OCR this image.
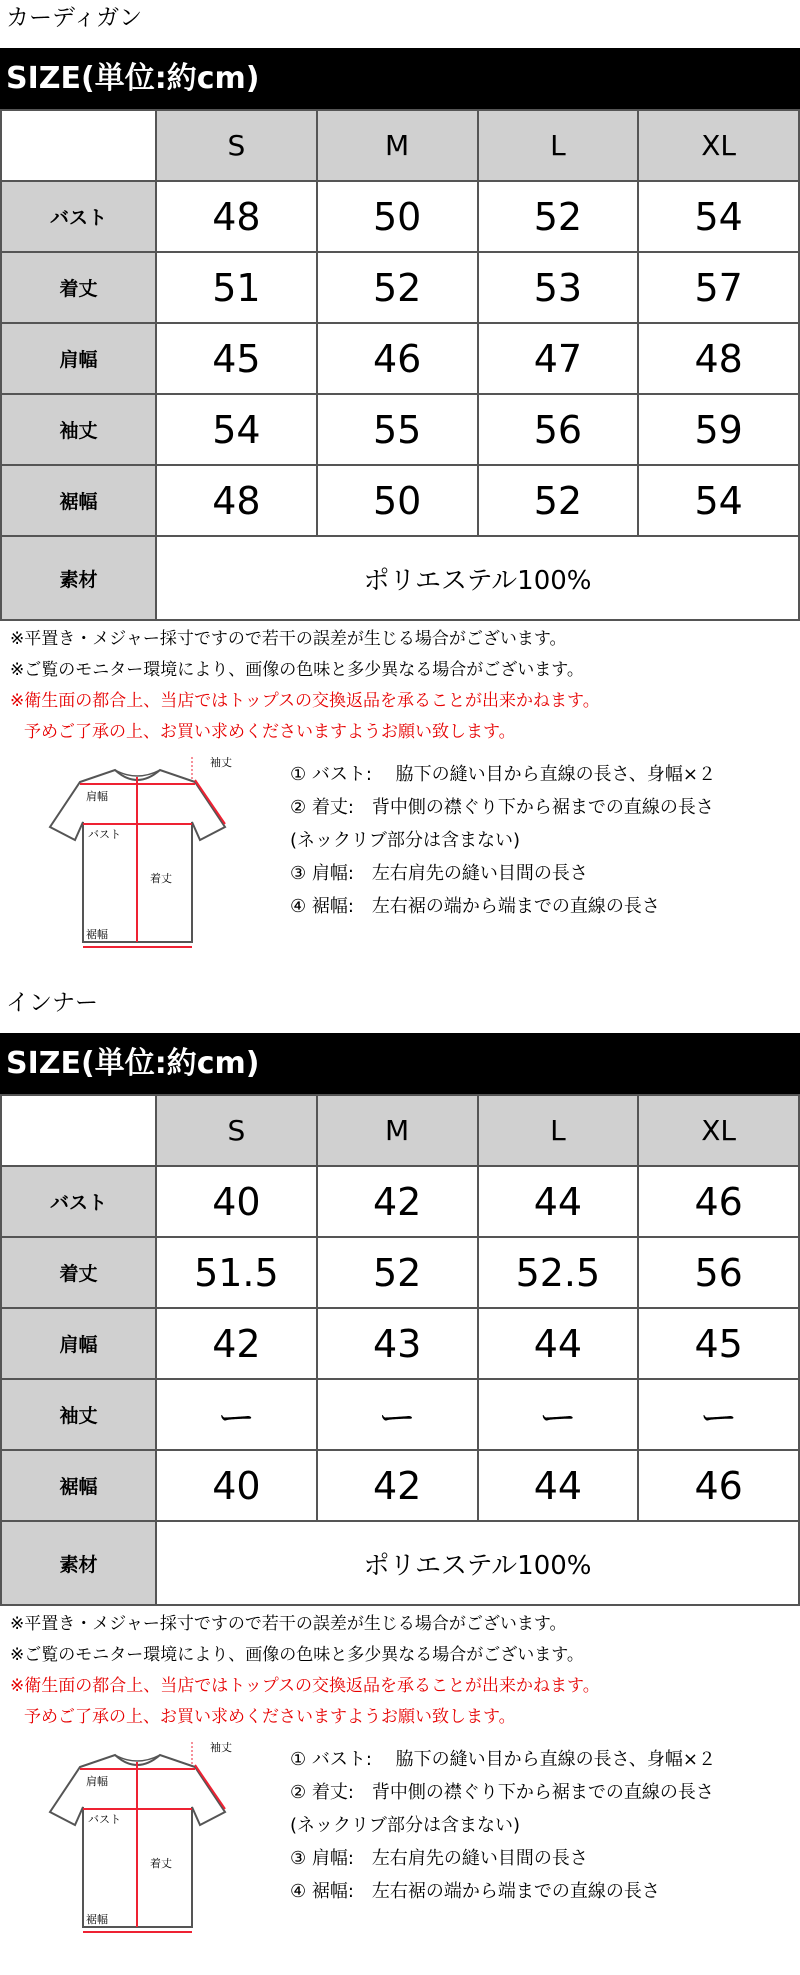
カーディガン
SIZE(単位:約cm)
	S	M	L	XL
バスト	48	50	52	54
着丈	51	52	53	57
肩幅	45	46	47	48
袖丈	54	55	56	59
裾幅	48	50	52	54
素材	ポリエステル100%			
※平置き・メジャー採寸ですので若干の誤差が生じる場合がございます。
※ご覧のモニター環境により、画像の色味と多少異なる場合がございます。
※衛生面の都合上、当店ではトップスの交換返品を承ることが出来かねます。
予めご了承の上、お買い求めくださいますようお願い致します。
袖丈
肩幅
バスト
着丈
裾幅
① バスト:　 脇下の縫い目から直線の長さ、身幅×２
② 着丈:　背中側の襟ぐり下から裾までの直線の長さ
(ネックリブ部分は含まない)
③ 肩幅:　左右肩先の縫い目間の長さ
④ 裾幅:　左右裾の端から端までの直線の長さ
インナー
SIZE(単位:約cm)
	S	M	L	XL
バスト	40	42	44	46
着丈	51.5	52	52.5	56
肩幅	42	43	44	45
袖丈	ー	ー	ー	ー
裾幅	40	42	44	46
素材	ポリエステル100%			
※平置き・メジャー採寸ですので若干の誤差が生じる場合がございます。
※ご覧のモニター環境により、画像の色味と多少異なる場合がございます。
※衛生面の都合上、当店ではトップスの交換返品を承ることが出来かねます。
予めご了承の上、お買い求めくださいますようお願い致します。
袖丈
肩幅
バスト
着丈
裾幅
① バスト:　 脇下の縫い目から直線の長さ、身幅×２
② 着丈:　背中側の襟ぐり下から裾までの直線の長さ
(ネックリブ部分は含まない)
③ 肩幅:　左右肩先の縫い目間の長さ
④ 裾幅:　左右裾の端から端までの直線の長さ
